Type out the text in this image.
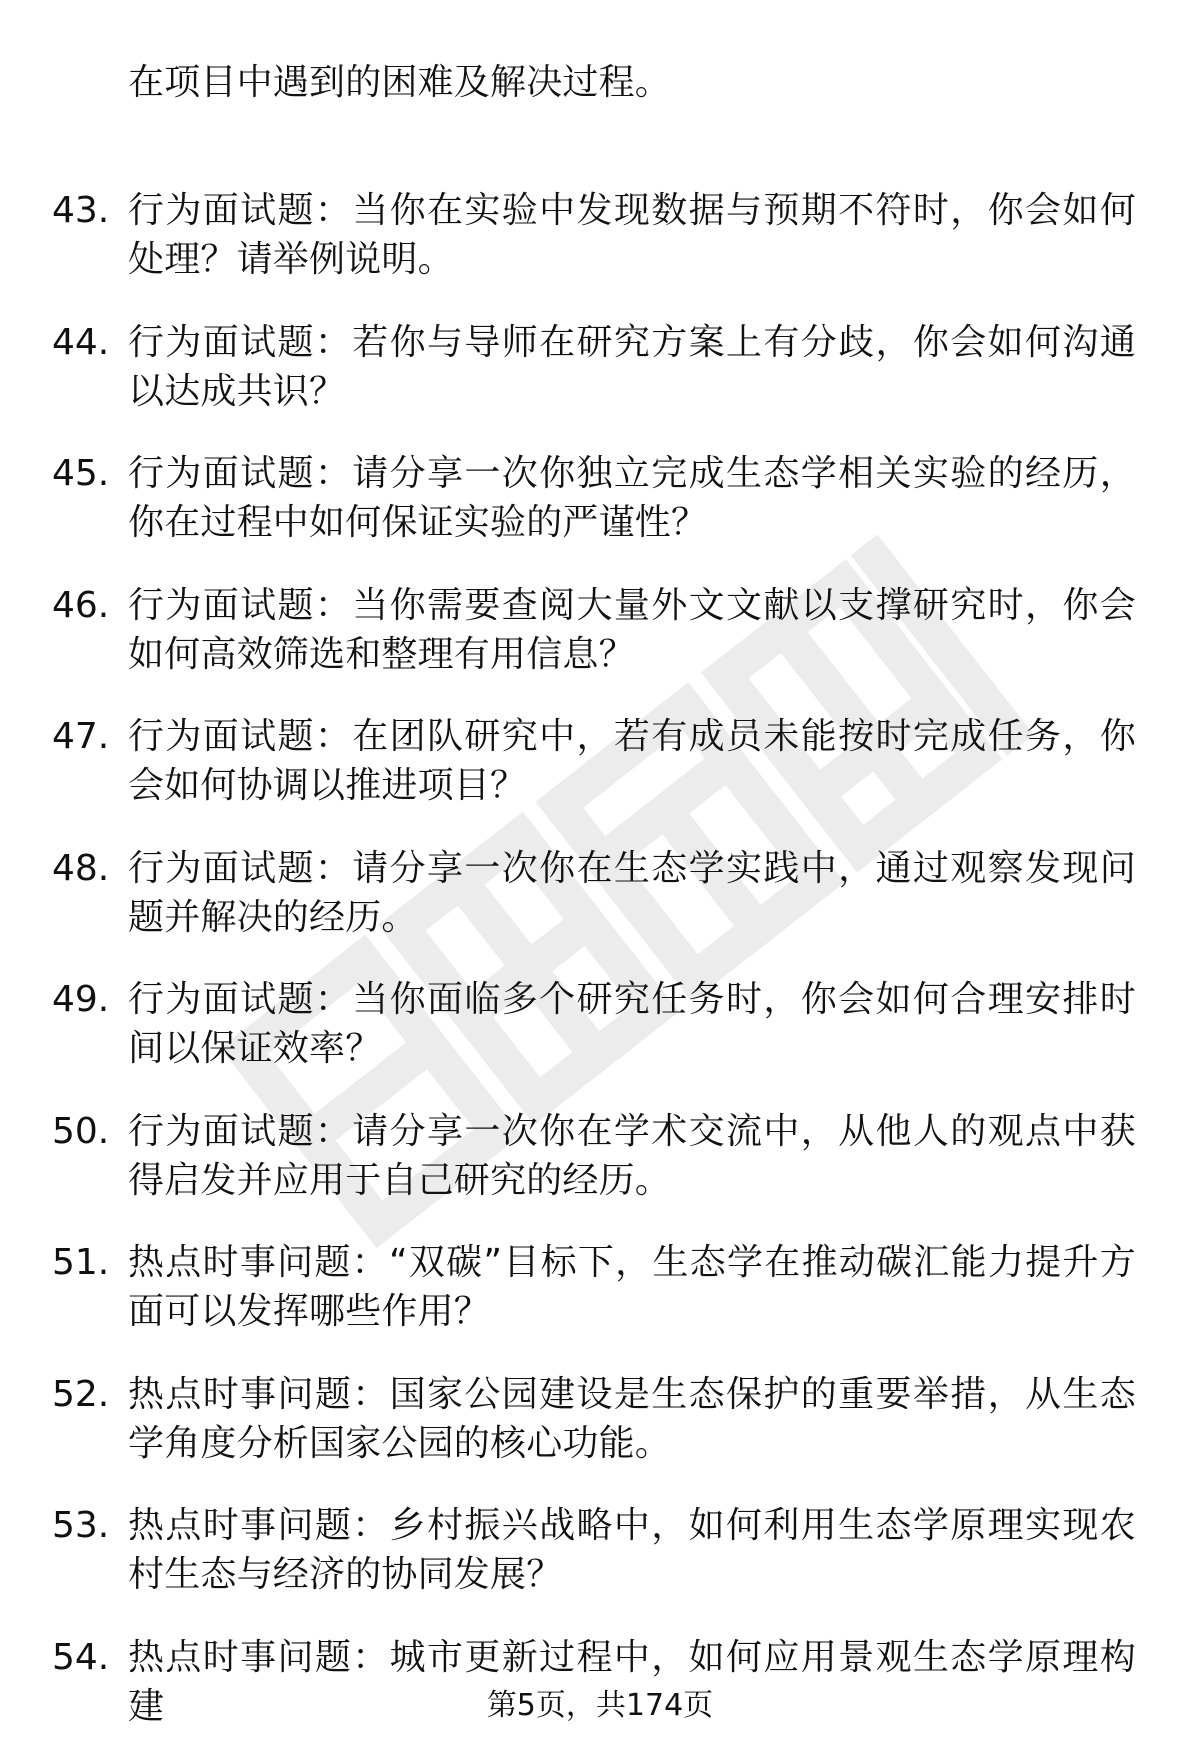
在项目中遇到的困难及解决过程。
43. 行为面试题：当你在实验中发现数据与预期不符时，你会如何处理？请举例说明。
44. 行为面试题：若你与导师在研究方案上有分歧，你会如何沟通以达成共识？
45. 行为面试题：请分享一次你独立完成生态学相关实验的经历，你在过程中如何保证实验的严谨性？
46. 行为面试题：当你需要查阅大量外文文献以支撑研究时，你会如何高效筛选和整理有用信息？
47. 行为面试题：在团队研究中，若有成员未能按时完成任务，你会如何协调以推进项目？
48. 行为面试题：请分享一次你在生态学实践中，通过观察发现问题并解决的经历。
49. 行为面试题：当你面临多个研究任务时，你会如何合理安排时间以保证效率？
50. 行为面试题：请分享一次你在学术交流中，从他人的观点中获得启发并应用于自己研究的经历。
51. 热点时事问题：“双碳”目标下，生态学在推动碳汇能力提升方面可以发挥哪些作用？
52. 热点时事问题：国家公园建设是生态保护的重要举措，从生态学角度分析国家公园的核心功能。
53. 热点时事问题：乡村振兴战略中，如何利用生态学原理实现农村生态与经济的协同发展？
54. 热点时事问题：城市更新过程中，如何应用景观生态学原理构建	第5页，共174页
